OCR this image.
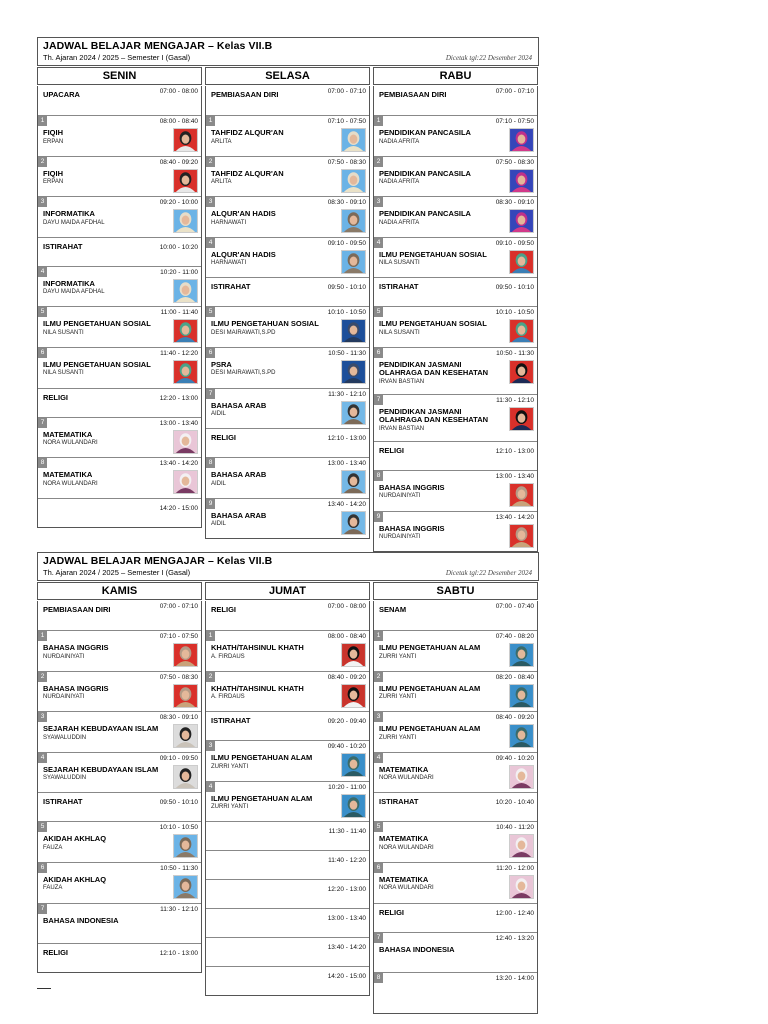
JADWAL BELAJAR MENGAJAR – Kelas VII.B
Th. Ajaran 2024 / 2025 – Semester I (Gasal)	Dicetak tgl:22 Desember 2024
SENIN
07:00 - 08:00
UPACARA
1	08:00 - 08:40
FIQIH
ERPAN
2	08:40 - 09:20
FIQIH
ERPAN
3	09:20 - 10:00
INFORMATIKA
DAYU MAIDA AFDHAL
10:00 - 10:20
ISTIRAHAT
4	10:20 - 11:00
INFORMATIKA
DAYU MAIDA AFDHAL
5	11:00 - 11:40
ILMU PENGETAHUAN SOSIAL
NILA SUSANTI
6	11:40 - 12:20
ILMU PENGETAHUAN SOSIAL
NILA SUSANTI
12:20 - 13:00
RELIGI
7	13:00 - 13:40
MATEMATIKA
NORA WULANDARI
8	13:40 - 14:20
MATEMATIKA
NORA WULANDARI
14:20 - 15:00
SELASA
07:00 - 07:10
PEMBIASAAN DIRI
1	07:10 - 07:50
TAHFIDZ ALQUR'AN
ARLITA
2	07:50 - 08:30
TAHFIDZ ALQUR'AN
ARLITA
3	08:30 - 09:10
ALQUR'AN HADIS
HARNAWATI
4	09:10 - 09:50
ALQUR'AN HADIS
HARNAWATI
09:50 - 10:10
ISTIRAHAT
5	10:10 - 10:50
ILMU PENGETAHUAN SOSIAL
DESI MAIRAWATI,S.PD
6	10:50 - 11:30
PSRA
DESI MAIRAWATI,S.PD
7	11:30 - 12:10
BAHASA ARAB
AIDIL
12:10 - 13:00
RELIGI
8	13:00 - 13:40
BAHASA ARAB
AIDIL
9	13:40 - 14:20
BAHASA ARAB
AIDIL
RABU
07:00 - 07:10
PEMBIASAAN DIRI
1	07:10 - 07:50
PENDIDIKAN PANCASILA
NADIA AFRITA
2	07:50 - 08:30
PENDIDIKAN PANCASILA
NADIA AFRITA
3	08:30 - 09:10
PENDIDIKAN PANCASILA
NADIA AFRITA
4	09:10 - 09:50
ILMU PENGETAHUAN SOSIAL
NILA SUSANTI
09:50 - 10:10
ISTIRAHAT
5	10:10 - 10:50
ILMU PENGETAHUAN SOSIAL
NILA SUSANTI
6	10:50 - 11:30
PENDIDIKAN JASMANI OLAHRAGA DAN KESEHATAN
IRVAN BASTIAN
7	11:30 - 12:10
PENDIDIKAN JASMANI OLAHRAGA DAN KESEHATAN
IRVAN BASTIAN
12:10 - 13:00
RELIGI
8	13:00 - 13:40
BAHASA INGGRIS
NURDAINIYATI
9	13:40 - 14:20
BAHASA INGGRIS
NURDAINIYATI
JADWAL BELAJAR MENGAJAR – Kelas VII.B
Th. Ajaran 2024 / 2025 – Semester I (Gasal)	Dicetak tgl:22 Desember 2024
KAMIS
07:00 - 07:10
PEMBIASAAN DIRI
1	07:10 - 07:50
BAHASA INGGRIS
NURDAINIYATI
2	07:50 - 08:30
BAHASA INGGRIS
NURDAINIYATI
3	08:30 - 09:10
SEJARAH KEBUDAYAAN ISLAM
SYAWALUDDIN
4	09:10 - 09:50
SEJARAH KEBUDAYAAN ISLAM
SYAWALUDDIN
09:50 - 10:10
ISTIRAHAT
5	10:10 - 10:50
AKIDAH AKHLAQ
FAUZA
6	10:50 - 11:30
AKIDAH AKHLAQ
FAUZA
7	11:30 - 12:10
BAHASA INDONESIA
12:10 - 13:00
RELIGI
JUMAT
07:00 - 08:00
RELIGI
1	08:00 - 08:40
KHATH/TAHSINUL KHATH
A. FIRDAUS
2	08:40 - 09:20
KHATH/TAHSINUL KHATH
A. FIRDAUS
09:20 - 09:40
ISTIRAHAT
3	09:40 - 10:20
ILMU PENGETAHUAN ALAM
ZURRI YANTI
4	10:20 - 11:00
ILMU PENGETAHUAN ALAM
ZURRI YANTI
11:30 - 11:40
11:40 - 12:20
12:20 - 13:00
13:00 - 13:40
13:40 - 14:20
14:20 - 15:00
SABTU
07:00 - 07:40
SENAM
1	07:40 - 08:20
ILMU PENGETAHUAN ALAM
ZURRI YANTI
2	08:20 - 08:40
ILMU PENGETAHUAN ALAM
ZURRI YANTI
3	08:40 - 09:20
ILMU PENGETAHUAN ALAM
ZURRI YANTI
4	09:40 - 10:20
MATEMATIKA
NORA WULANDARI
10:20 - 10:40
ISTIRAHAT
5	10:40 - 11:20
MATEMATIKA
NORA WULANDARI
6	11:20 - 12:00
MATEMATIKA
NORA WULANDARI
12:00 - 12:40
RELIGI
7	12:40 - 13:20
BAHASA INDONESIA
8	13:20 - 14:00
